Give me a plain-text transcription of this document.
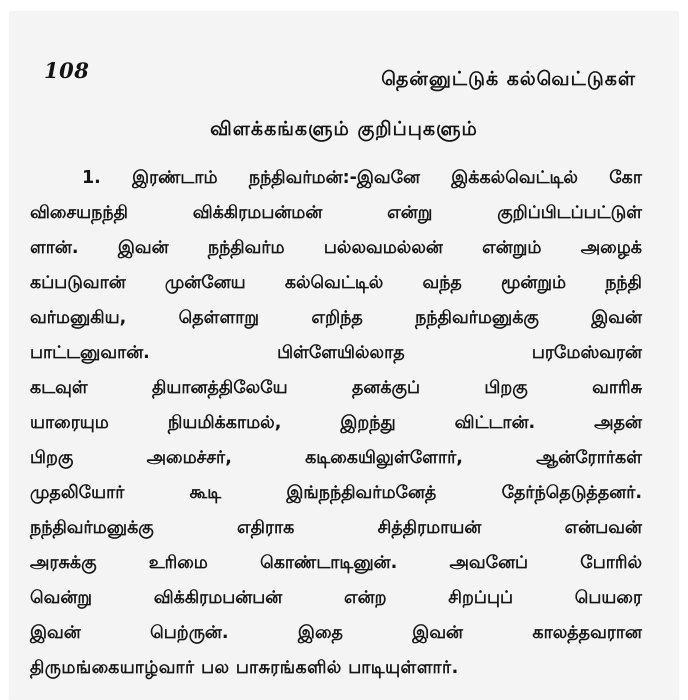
108	தென்னுட்டுக் கல்வெட்டுகள்
விளக்கங்களும் குறிப்புகளும்
1. இரண்டாம் நந்திவர்மன்:-இவனே இக்கல்வெட்டில் கோ
விசையநந்தி விக்கிரமபன்மன் என்று குறிப்பிடப்பட்டுள்
ளான். இவன் நந்திவர்ம பல்லவமல்லன் என்றும் அழைக்
கப்படுவான் முன்னேய கல்வெட்டில் வந்த மூன்றும் நந்தி
வர்மனுகிய, தெள்ளாறு எறிந்த நந்திவர்மனுக்கு இவன்
பாட்டனுவான். பிள்ளேயில்லாத பரமேஸ்வரன்
கடவுள் தியானத்திலேயே தனக்குப் பிறகு வாரிசு
யாரையும நியமிக்காமல், இறந்து விட்டான். அதன்
பிறகு அமைச்சர், கடிகையிலுள்ளோர், ஆன்ரோர்கள்
முதலியோர் கூடி இங்நந்திவர்மனேத் தேர்ந்தெடுத்தனர்.
நந்திவர்மனுக்கு எதிராக சித்திரமாயன் என்பவன்
அரசுக்கு உரிமை கொண்டாடினுன். அவனேப் போரில்
வென்று விக்கிரமபன்பன் என்ற சிறப்புப் பெயரை
இவன் பெற்ருன். இதை இவன் காலத்தவரான
திருமங்கையாழ்வார் பல பாசுரங்களில் பாடியுள்ளார்.
